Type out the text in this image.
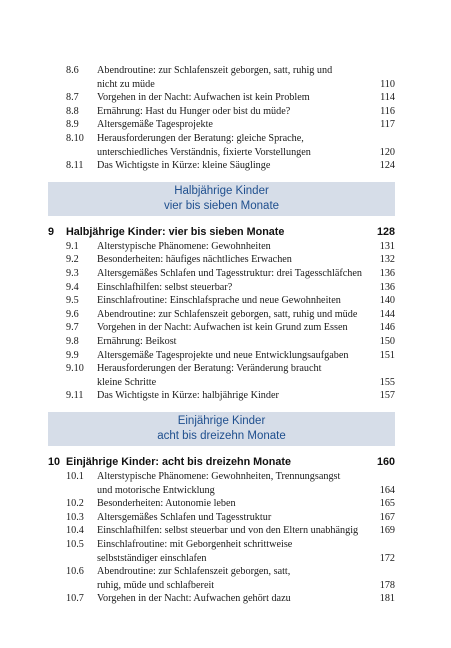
8.6 Abendroutine: zur Schlafenszeit geborgen, satt, ruhig und
nicht zu müde	110
8.7 Vorgehen in der Nacht: Aufwachen ist kein Problem	114
8.8 Ernährung: Hast du Hunger oder bist du müde?	116
8.9 Altersgemäße Tagesprojekte	117
8.10 Herausforderungen der Beratung: gleiche Sprache,
unterschiedliches Verständnis, fixierte Vorstellungen	120
8.11 Das Wichtigste in Kürze: kleine Säuglinge	124
Halbjährige Kinder
vier bis sieben Monate
9 Halbjährige Kinder: vier bis sieben Monate	128
9.1 Alterstypische Phänomene: Gewohnheiten	131
9.2 Besonderheiten: häufiges nächtliches Erwachen	132
9.3 Altersgemäßes Schlafen und Tagesstruktur: drei Tagesschläfchen 136
9.4 Einschlafhilfen: selbst steuerbar?	136
9.5 Einschlafroutine: Einschlafsprache und neue Gewohnheiten	140
9.6 Abendroutine: zur Schlafenszeit geborgen, satt, ruhig und müde 144
9.7 Vorgehen in der Nacht: Aufwachen ist kein Grund zum Essen	146
9.8 Ernährung: Beikost	150
9.9 Altersgemäße Tagesprojekte und neue Entwicklungsaufgaben	151
9.10 Herausforderungen der Beratung: Veränderung braucht
kleine Schritte	155
9.11 Das Wichtigste in Kürze: halbjährige Kinder	157
Einjährige Kinder
acht bis dreizehn Monate
10 Einjährige Kinder: acht bis dreizehn Monate	160
10.1 Alterstypische Phänomene: Gewohnheiten, Trennungsangst
und motorische Entwicklung	164
10.2 Besonderheiten: Autonomie leben	165
10.3 Altersgemäßes Schlafen und Tagesstruktur	167
10.4 Einschlafhilfen: selbst steuerbar und von den Eltern unabhängig 169
10.5 Einschlafroutine: mit Geborgenheit schrittweise
selbstständiger einschlafen	172
10.6 Abendroutine: zur Schlafenszeit geborgen, satt,
ruhig, müde und schlafbereit	178
10.7 Vorgehen in der Nacht: Aufwachen gehört dazu	181
